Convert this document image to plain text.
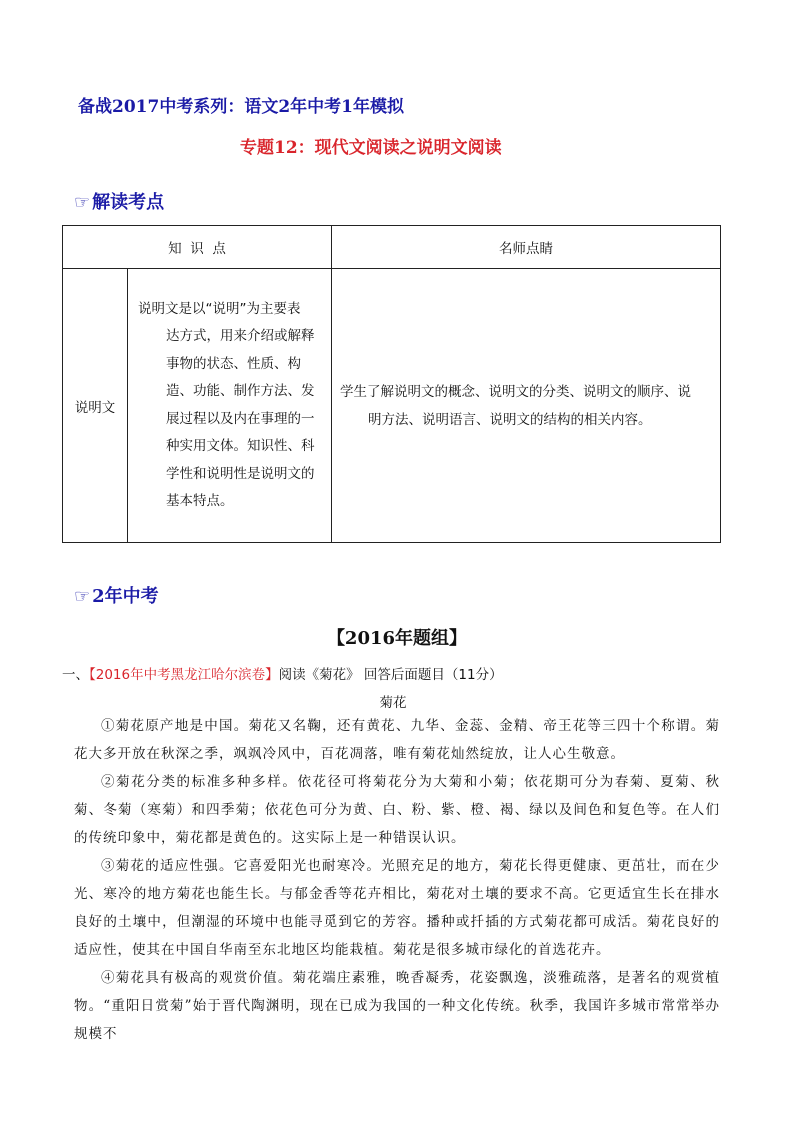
备战2017中考系列：语文2年中考1年模拟
专题12：现代文阅读之说明文阅读
☞ 解读考点
知  识  点		名师点睛
说明文	说明文是以“说明”为主要表
达方式，用来介绍或解释事物的状态、性质、构造、功能、制作方法、发展过程以及内在事理的一种实用文体。知识性、科学性和说明性是说明文的基本特点。	学生了解说明文的概念、说明文的分类、说明文的顺序、说
明方法、说明语言、说明文的结构的相关内容。
☞ 2年中考
【2016年题组】
一、【2016年中考黑龙江哈尔滨卷】阅读《菊花》 回答后面题目（11分）
菊花

①菊花原产地是中国。菊花又名鞠，还有黄花、九华、金蕊、金精、帝王花等三四十个称谓。菊花大多开放在秋深之季，飒飒冷风中，百花凋落，唯有菊花灿然绽放，让人心生敬意。

②菊花分类的标准多种多样。依花径可将菊花分为大菊和小菊；依花期可分为春菊、夏菊、秋菊、冬菊（寒菊）和四季菊；依花色可分为黄、白、粉、紫、橙、褐、绿以及间色和复色等。在人们的传统印象中，菊花都是黄色的。这实际上是一种错误认识。

③菊花的适应性强。它喜爱阳光也耐寒冷。光照充足的地方，菊花长得更健康、更茁壮，而在少光、寒冷的地方菊花也能生长。与郁金香等花卉相比，菊花对土壤的要求不高。它更适宜生长在排水良好的土壤中，但潮湿的环境中也能寻觅到它的芳容。播种或扦插的方式菊花都可成活。菊花良好的适应性，使其在中国自华南至东北地区均能栽植。菊花是很多城市绿化的首选花卉。

④菊花具有极高的观赏价值。菊花端庄素雅，晚香凝秀，花姿飘逸，淡雅疏落，是著名的观赏植物。“重阳日赏菊”始于晋代陶渊明，现在已成为我国的一种文化传统。秋季，我国许多城市常常举办规模不
